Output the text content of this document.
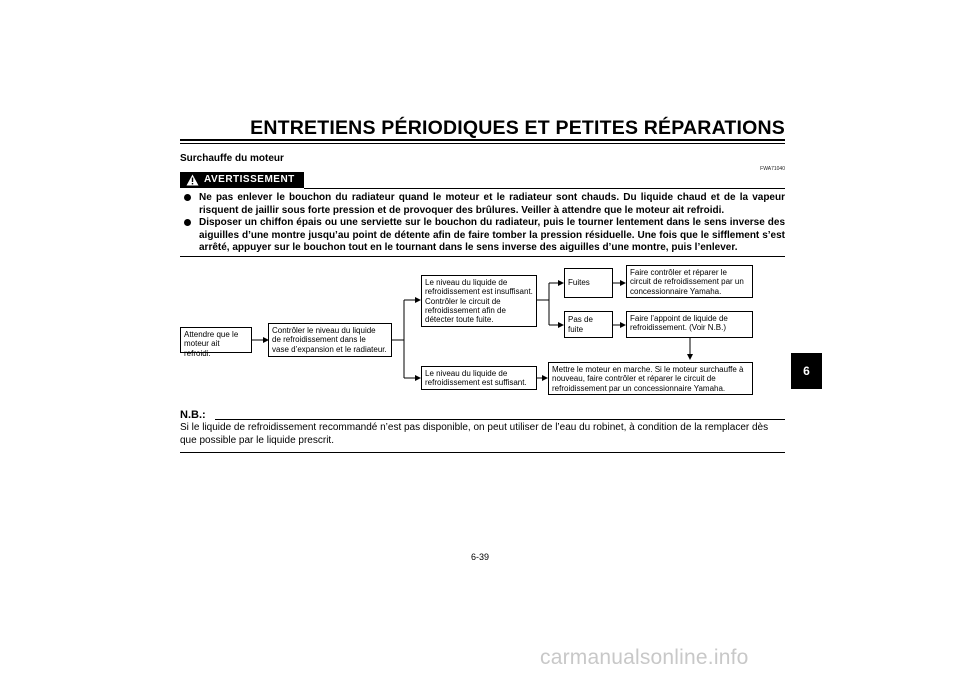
ENTRETIENS PÉRIODIQUES ET PETITES RÉPARATIONS
Surchauffe du moteur
FWA71040
AVERTISSEMENT
Ne pas enlever le bouchon du radiateur quand le moteur et le radiateur sont chauds. Du liquide chaud et de la vapeur risquent de jaillir sous forte pression et de provoquer des brûlures. Veiller à attendre que le moteur ait refroidi.
Disposer un chiffon épais ou une serviette sur le bouchon du radiateur, puis le tourner lentement dans le sens inverse des aiguilles d’une montre jusqu’au point de détente afin de faire tomber la pression résiduelle. Une fois que le sifflement s’est arrêté, appuyer sur le bouchon tout en le tournant dans le sens inverse des aiguilles d’une montre, puis l’enlever.
Attendre que le
moteur ait refroidi.
Contrôler le niveau du liquide
de refroidissement dans le
vase d’expansion et le radiateur.
Le niveau du liquide de
refroidissement est insuffisant.
Contrôler le circuit de
refroidissement afin de
détecter toute fuite.
Le niveau du liquide de
refroidissement est suffisant.
Fuites
Pas de fuite
Faire contrôler et réparer le
circuit de refroidissement par un
concessionnaire Yamaha.
Faire l’appoint de liquide de
refroidissement. (Voir N.B.)
Mettre le moteur en marche. Si le moteur surchauffe à
nouveau, faire contrôler et réparer le circuit de
refroidissement par un concessionnaire Yamaha.
N.B.:
Si le liquide de refroidissement recommandé n’est pas disponible, on peut utiliser de l’eau du robinet, à condition de la remplacer dès que possible par le liquide prescrit.
6
6-39
carmanualsonline.info
